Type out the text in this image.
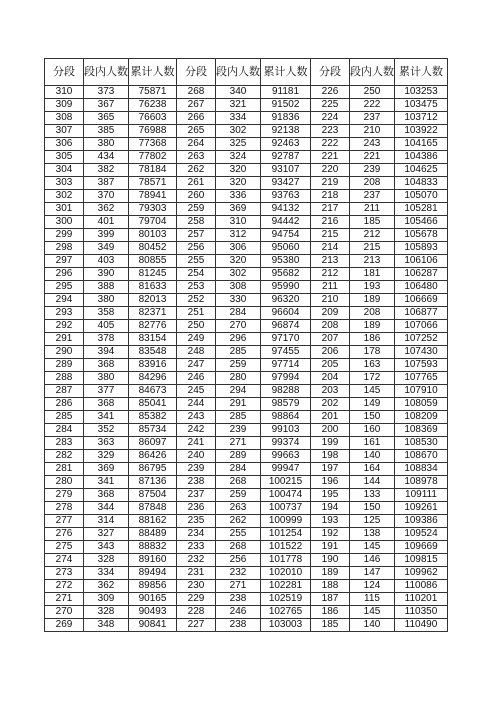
分段	段内人数	累计人数	分段	段内人数	累计人数	分段	段内人数	累计人数
310	373	75871	268	340	91181	226	250	103253
309	367	76238	267	321	91502	225	222	103475
308	365	76603	266	334	91836	224	237	103712
307	385	76988	265	302	92138	223	210	103922
306	380	77368	264	325	92463	222	243	104165
305	434	77802	263	324	92787	221	221	104386
304	382	78184	262	320	93107	220	239	104625
303	387	78571	261	320	93427	219	208	104833
302	370	78941	260	336	93763	218	237	105070
301	362	79303	259	369	94132	217	211	105281
300	401	79704	258	310	94442	216	185	105466
299	399	80103	257	312	94754	215	212	105678
298	349	80452	256	306	95060	214	215	105893
297	403	80855	255	320	95380	213	213	106106
296	390	81245	254	302	95682	212	181	106287
295	388	81633	253	308	95990	211	193	106480
294	380	82013	252	330	96320	210	189	106669
293	358	82371	251	284	96604	209	208	106877
292	405	82776	250	270	96874	208	189	107066
291	378	83154	249	296	97170	207	186	107252
290	394	83548	248	285	97455	206	178	107430
289	368	83916	247	259	97714	205	163	107593
288	380	84296	246	280	97994	204	172	107765
287	377	84673	245	294	98288	203	145	107910
286	368	85041	244	291	98579	202	149	108059
285	341	85382	243	285	98864	201	150	108209
284	352	85734	242	239	99103	200	160	108369
283	363	86097	241	271	99374	199	161	108530
282	329	86426	240	289	99663	198	140	108670
281	369	86795	239	284	99947	197	164	108834
280	341	87136	238	268	100215	196	144	108978
279	368	87504	237	259	100474	195	133	109111
278	344	87848	236	263	100737	194	150	109261
277	314	88162	235	262	100999	193	125	109386
276	327	88489	234	255	101254	192	138	109524
275	343	88832	233	268	101522	191	145	109669
274	328	89160	232	256	101778	190	146	109815
273	334	89494	231	232	102010	189	147	109962
272	362	89856	230	271	102281	188	124	110086
271	309	90165	229	238	102519	187	115	110201
270	328	90493	228	246	102765	186	145	110350
269	348	90841	227	238	103003	185	140	110490
